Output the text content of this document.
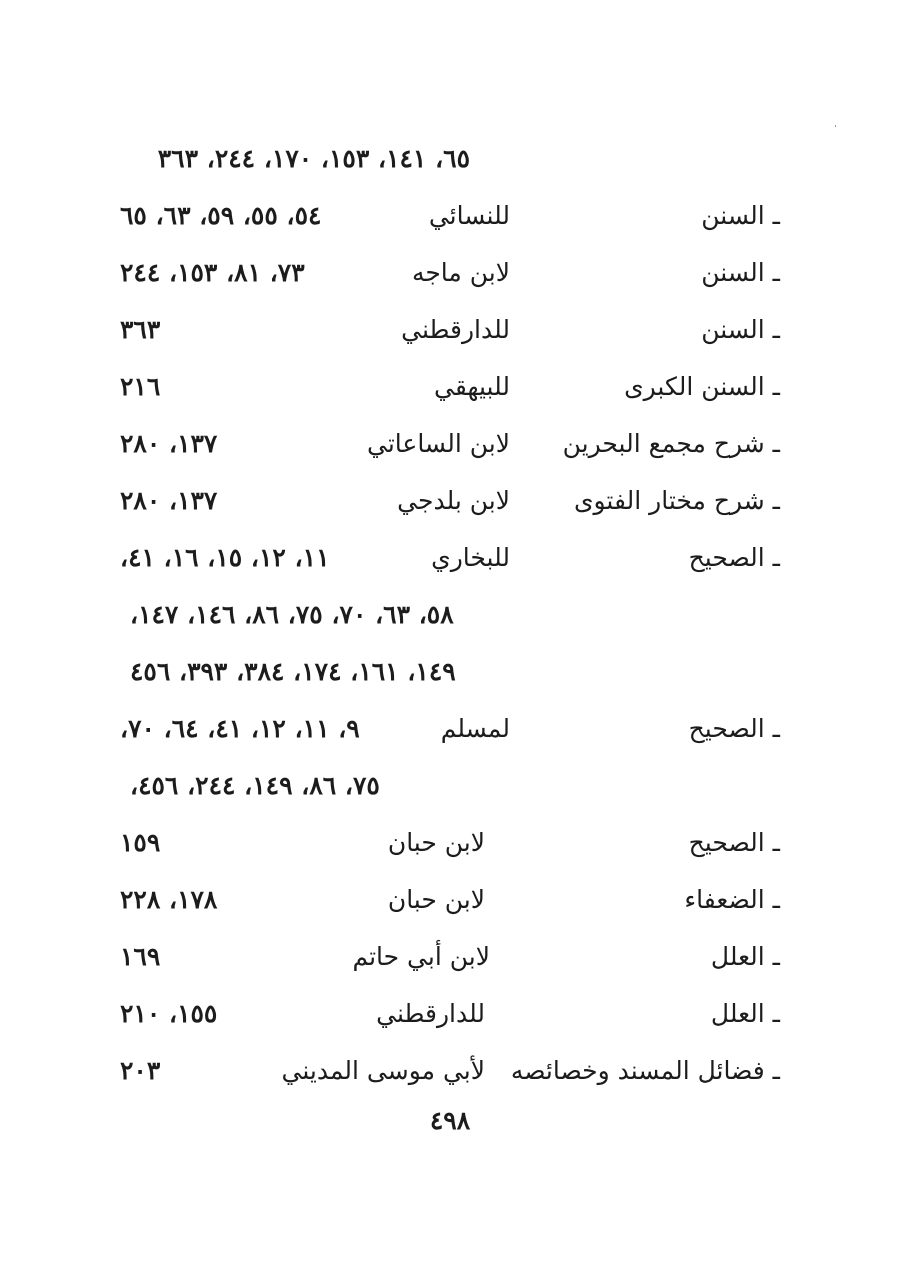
٦٥، ١٤١، ١٥٣، ١٧٠، ٢٤٤، ٣٦٣
ـ السنن
للنسائي
٥٤، ٥٥، ٥٩، ٦٣، ٦٥
ـ السنن
لابن ماجه
٧٣، ٨١، ١٥٣، ٢٤٤
ـ السنن
للدارقطني
٣٦٣
ـ السنن الكبرى
للبيهقي
٢١٦
ـ شرح مجمع البحرين
لابن الساعاتي
١٣٧، ٢٨٠
ـ شرح مختار الفتوى
لابن بلدجي
١٣٧، ٢٨٠
ـ الصحيح
للبخاري
١١، ١٢، ١٥، ١٦، ٤١،
٥٨، ٦٣، ٧٠، ٧٥، ٨٦، ١٤٦، ١٤٧،
١٤٩، ١٦١، ١٧٤، ٣٨٤، ٣٩٣، ٤٥٦
ـ الصحيح
لمسلم
٩، ١١، ١٢، ٤١، ٦٤، ٧٠،
٧٥، ٨٦، ١٤٩، ٢٤٤، ٤٥٦،
ـ الصحيح
لابن حبان
١٥٩
ـ الضعفاء
لابن حبان
١٧٨، ٢٢٨
ـ العلل
لابن أبي حاتم
١٦٩
ـ العلل
للدارقطني
١٥٥، ٢١٠
ـ فضائل المسند وخصائصه
لأبي موسى المديني
٢٠٣
٤٩٨
